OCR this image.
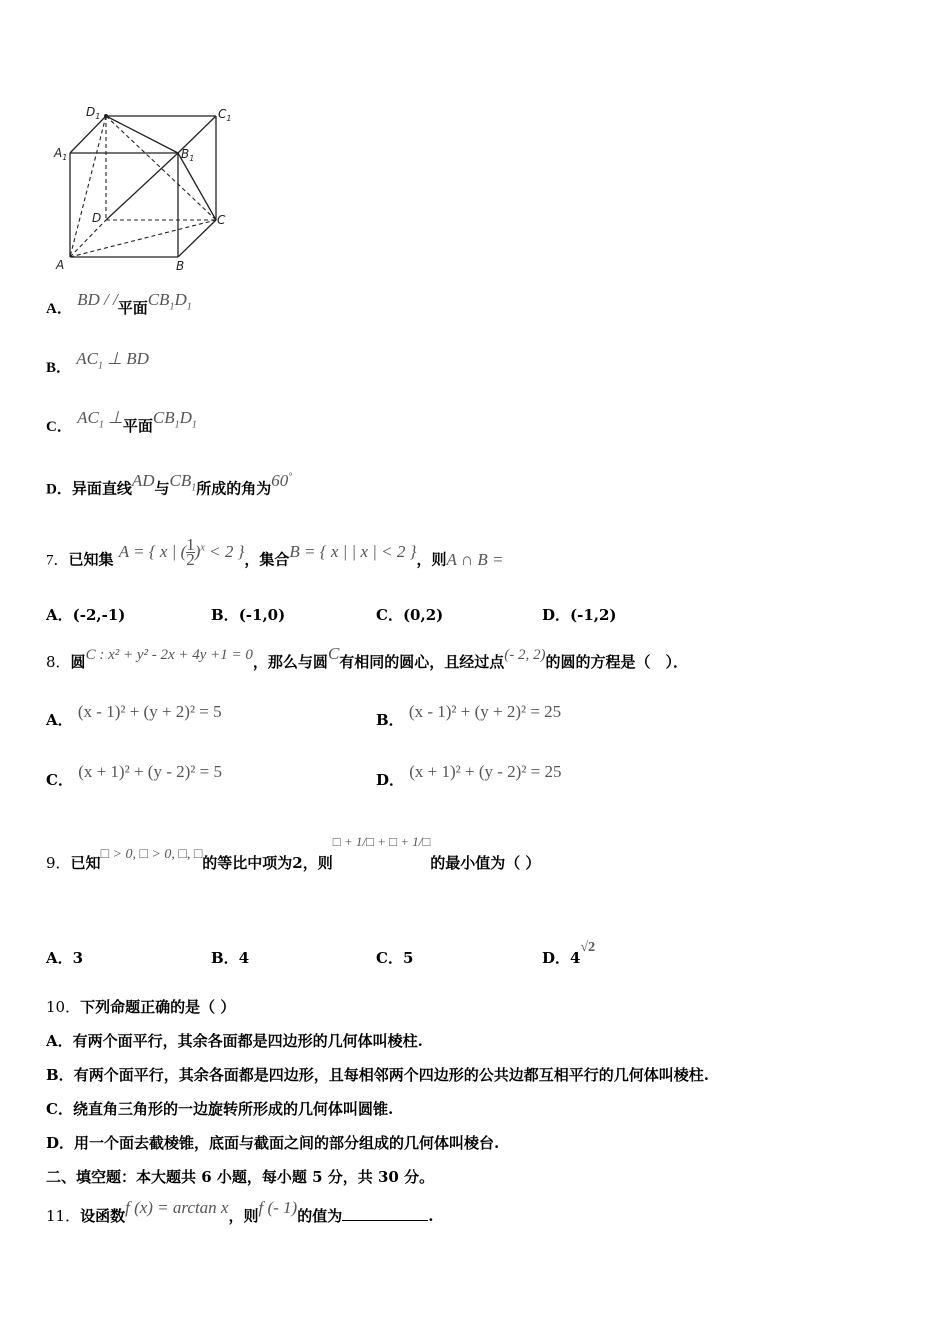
$D_1$	$C_1$
$A_1$	$B_1$
D	C
A	B
A． BD / /平面$CB_1D_1$
B． $AC_1$ ⊥ BD
C． $AC_1$ ⊥平面$CB_1D_1$
D．异面直线AD与$CB_1$所成的角为60°
7．已知集 A = { x | ( $\frac{1}{2} )^x < 2$ }，集合B = { x | | x | < 2 }，则A ∩ B =
A．(-2,-1)	B．(-1,0)	C．(0,2)	D．(-1,2)
8．圆C : x² + y² - 2x + 4y +1 = 0，那么与圆C有相同的圆心，且经过点(- 2, 2)的圆的方程是（　）．
A． (x - 1)² + (y + 2)² = 5	B． (x - 1)² + (y + 2)² = 25
C． (x + 1)² + (y - 2)² = 5	D． (x + 1)² + (y - 2)² = 25
9．已知□ > 0, □ > 0, □, □的等比中项为2，则□ + 1/□ + □ + 1/□的最小值为（ ）
A．3	B．4	C．5	D．4√2
10．下列命题正确的是（ ）
A．有两个面平行，其余各面都是四边形的几何体叫棱柱.
B．有两个面平行，其余各面都是四边形，且每相邻两个四边形的公共边都互相平行的几何体叫棱柱.
C．绕直角三角形的一边旋转所形成的几何体叫圆锥.
D．用一个面去截棱锥，底面与截面之间的部分组成的几何体叫棱台.
二、填空题：本大题共 6 小题，每小题 5 分，共 30 分。
11．设函数f (x) = arctan x，则f (- 1)的值为	.
